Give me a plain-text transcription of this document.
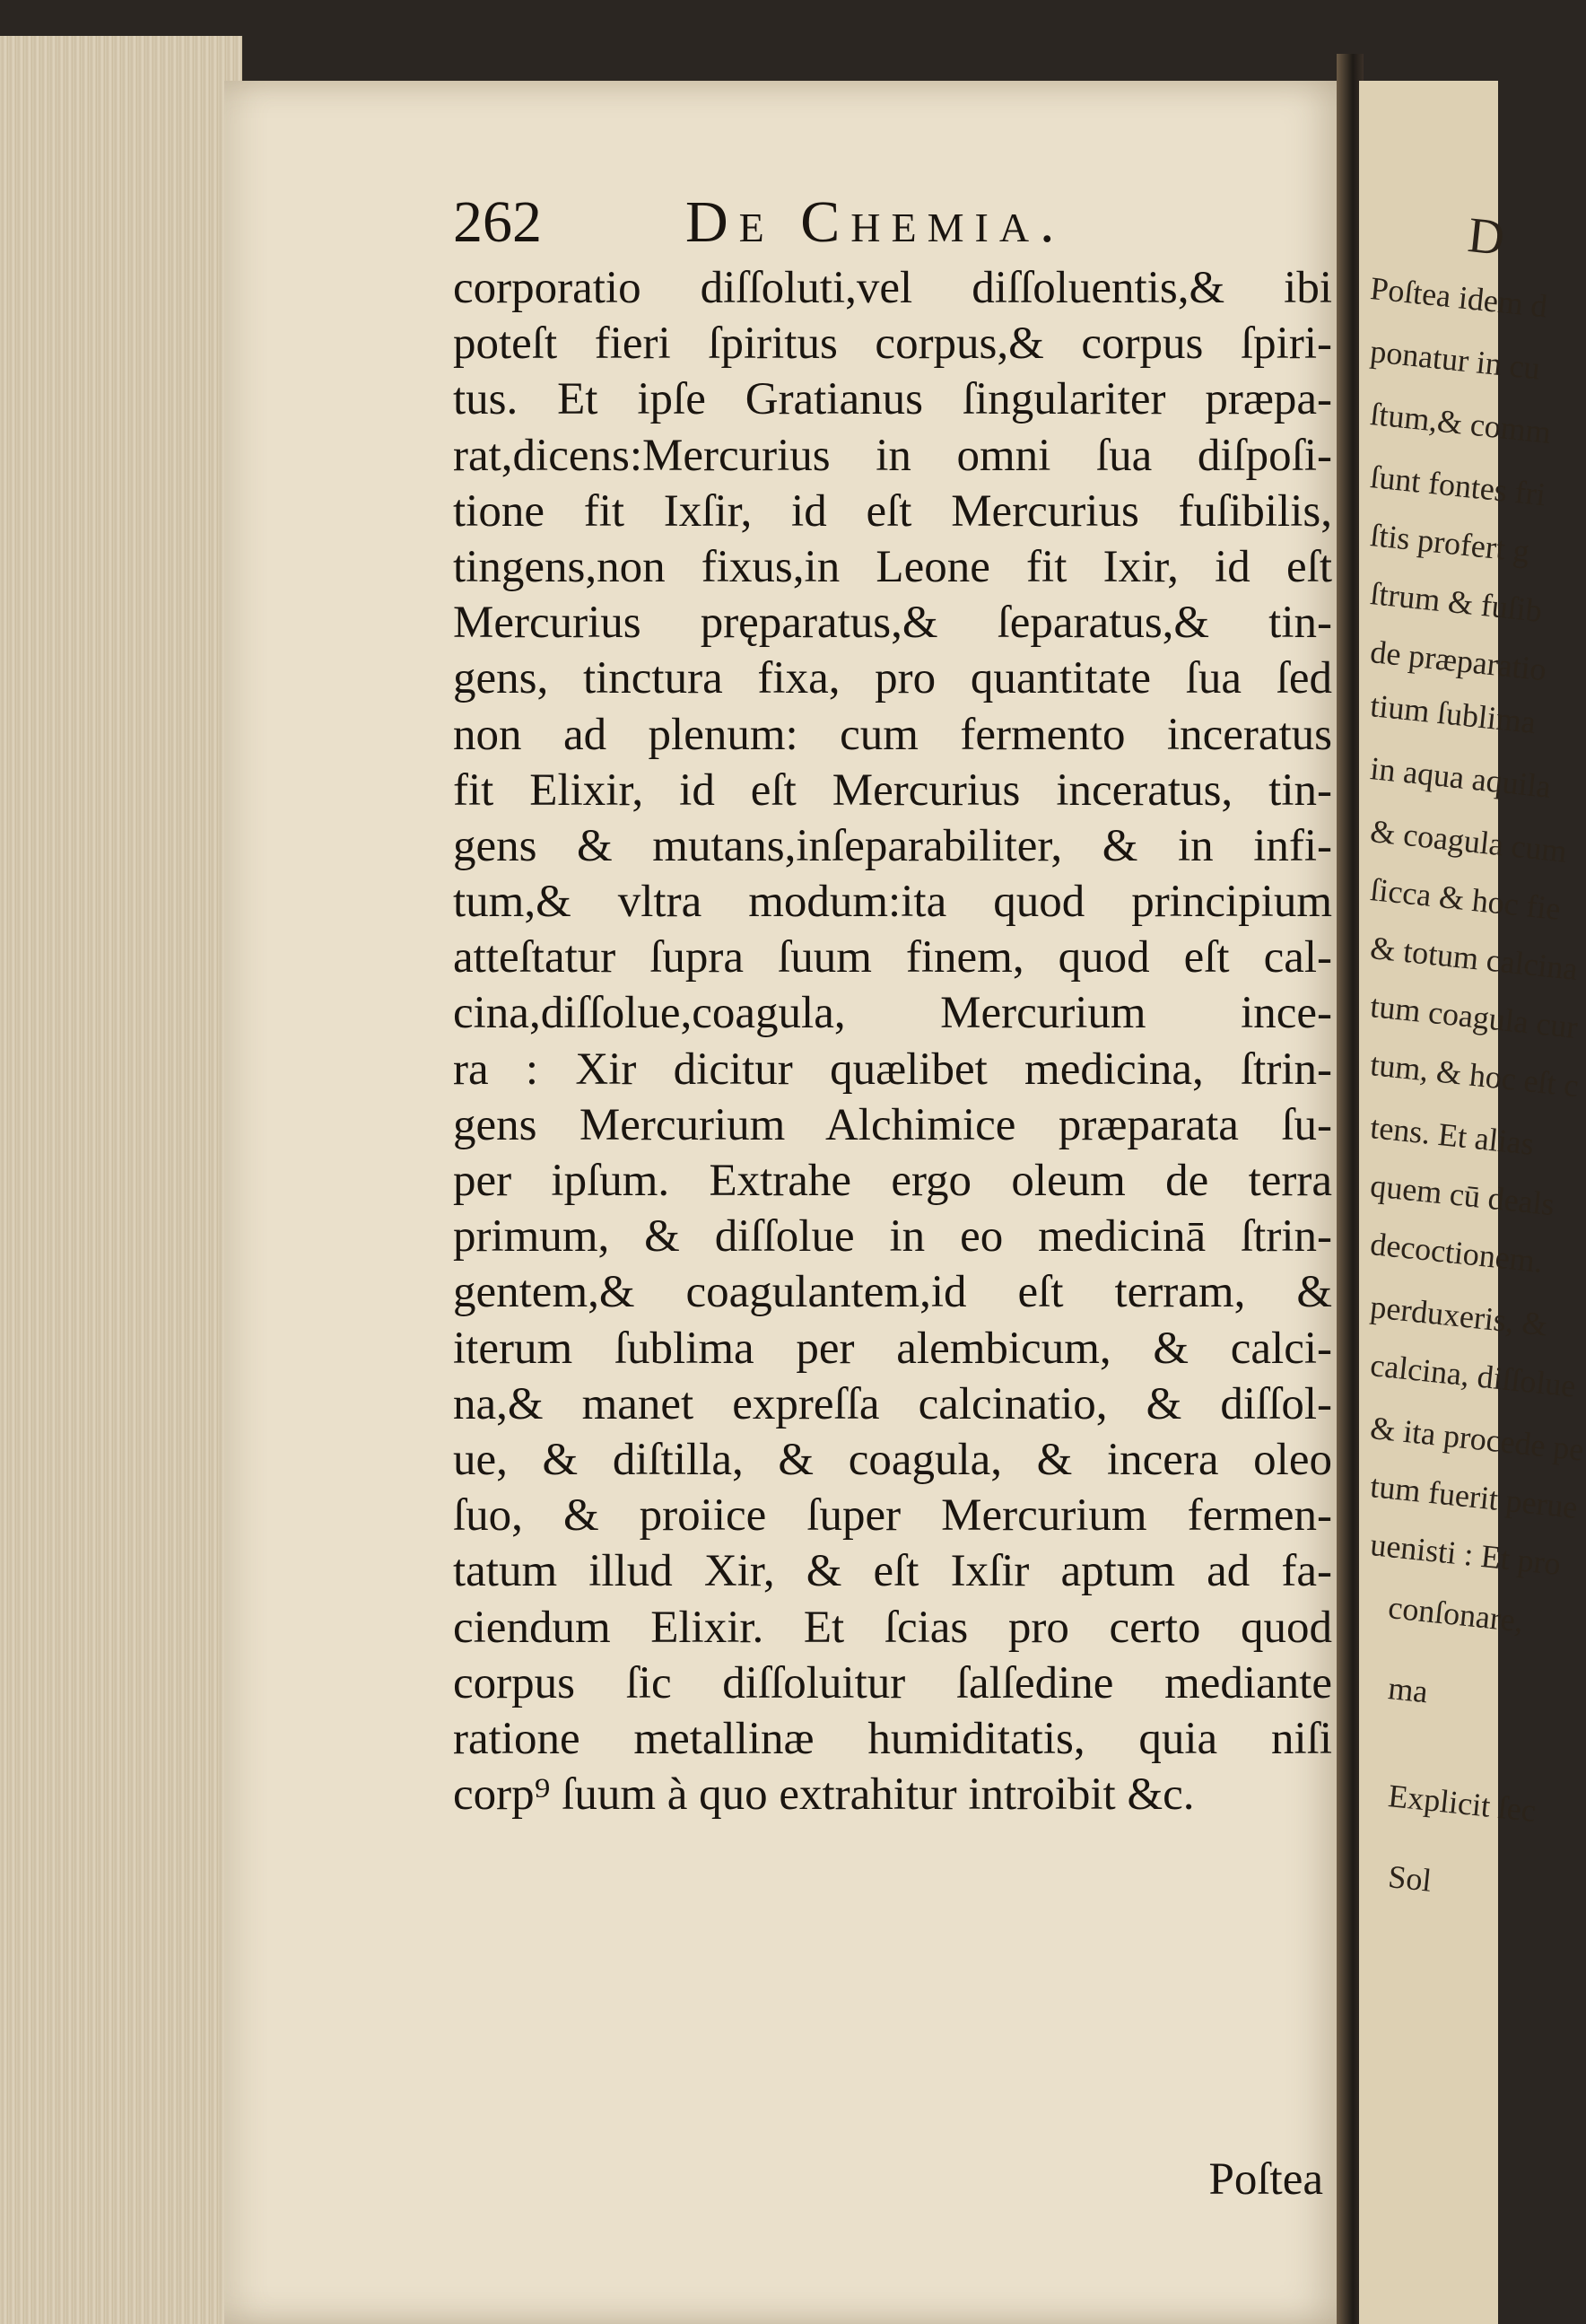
262 De Chemia.
corporatio diſſoluti,vel diſſoluentis,& ibi
poteſt fieri ſpiritus corpus,& corpus ſpiri-
tus. Et ipſe Gratianus ſingulariter præpa-
rat,dicens:Mercurius in omni ſua diſpoſi-
tione fit Ixſir, id eſt Mercurius fuſibilis,
tingens,non fixus,in Leone fit Ixir, id eſt
Mercurius pręparatus,& ſeparatus,& tin-
gens, tinctura fixa, pro quantitate ſua ſed
non ad plenum: cum fermento inceratus
fit Elixir, id eſt Mercurius inceratus, tin-
gens & mutans,inſeparabiliter, & in infi-
tum,& vltra modum:ita quod principium
atteſtatur ſupra ſuum finem, quod eſt cal-
cina,diſſolue,coagula, Mercurium ince-
ra : Xir dicitur quælibet medicina, ſtrin-
gens Mercurium Alchimice præparata ſu-
per ipſum. Extrahe ergo oleum de terra
primum, & diſſolue in eo medicinā ſtrin-
gentem,& coagulantem,id eſt terram, &
iterum ſublima per alembicum, & calci-
na,& manet expreſſa calcinatio, & diſſol-
ue, & diſtilla, & coagula, & incera oleo
ſuo, & proiice ſuper Mercurium fermen-
tatum illud Xir, & eſt Ixſir aptum ad fa-
ciendum Elixir. Et ſcias pro certo quod
corpus ſic diſſoluitur ſalſedine mediante
ratione metallinæ humiditatis, quia niſi
corp⁹ ſuum à quo extrahitur introibit &c.
Poſtea
D
Poſtea idem d
ponatur in cu
ſtum,& comm
ſunt fontes fri
ſtis profert g
ſtrum & fuſib
de præparatio
tium ſublima
in aqua aquila
& coagula cum
ſicca & hoc fie
& totum calcina
tum coagula cur
tum, & hoc eſt c
tens. Et alias
quem cū deals
decoctionem.
perduxeris, &
calcina, diſſolue
& ita procede pe
tum fuerit perue
uenisti : Et pro
conſonare,
ma
Explicit ſec
Sol
